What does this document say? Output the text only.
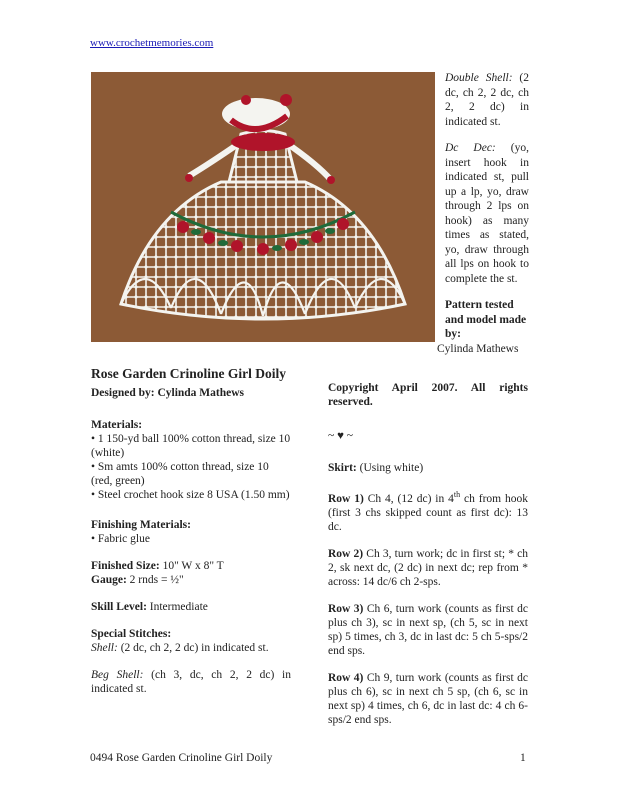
www.crochetmemories.com

Double Shell: (2 dc, ch 2, 2 dc, ch 2, 2 dc) in indicated st.

Dc Dec: (yo, insert hook in indicated st, pull up a lp, yo, draw through 2 lps on hook) as many times as stated, yo, draw through all lps on hook to complete the st.

Pattern tested and model made by:

Cylinda Mathews
Rose Garden Crinoline Girl Doily

Designed by: Cylinda Mathews

Materials:
• 1 150-yd ball 100% cotton thread, size 10 (white)
• Sm amts 100% cotton thread, size 10 (red, green)

• Steel crochet hook size 8 USA (1.50 mm)

Finishing Materials:

• Fabric glue

Finished Size: 10" W x 8" T

Gauge: 2 rnds = ½"

Skill Level: Intermediate

Special Stitches:

Shell: (2 dc, ch 2, 2 dc) in indicated st.

Beg Shell: (ch 3, dc, ch 2, 2 dc) in indicated st.

Copyright April 2007. All rights reserved.

~ ♥ ~

Skirt: (Using white)

Row 1) Ch 4, (12 dc) in 4th ch from hook (first 3 chs skipped count as first dc): 13 dc.

Row 2) Ch 3, turn work; dc in first st; * ch 2, sk next dc, (2 dc) in next dc; rep from * across: 14 dc/6 ch 2-sps.

Row 3) Ch 6, turn work (counts as first dc plus ch 3), sc in next sp, (ch 5, sc in next sp) 5 times, ch 3, dc in last dc: 5 ch 5-sps/2 end sps.

Row 4) Ch 9, turn work (counts as first dc plus ch 6), sc in next ch 5 sp, (ch 6, sc in next sp) 4 times, ch 6, dc in last dc: 4 ch 6-sps/2 end sps.

0494 Rose Garden Crinoline Girl Doily	1
